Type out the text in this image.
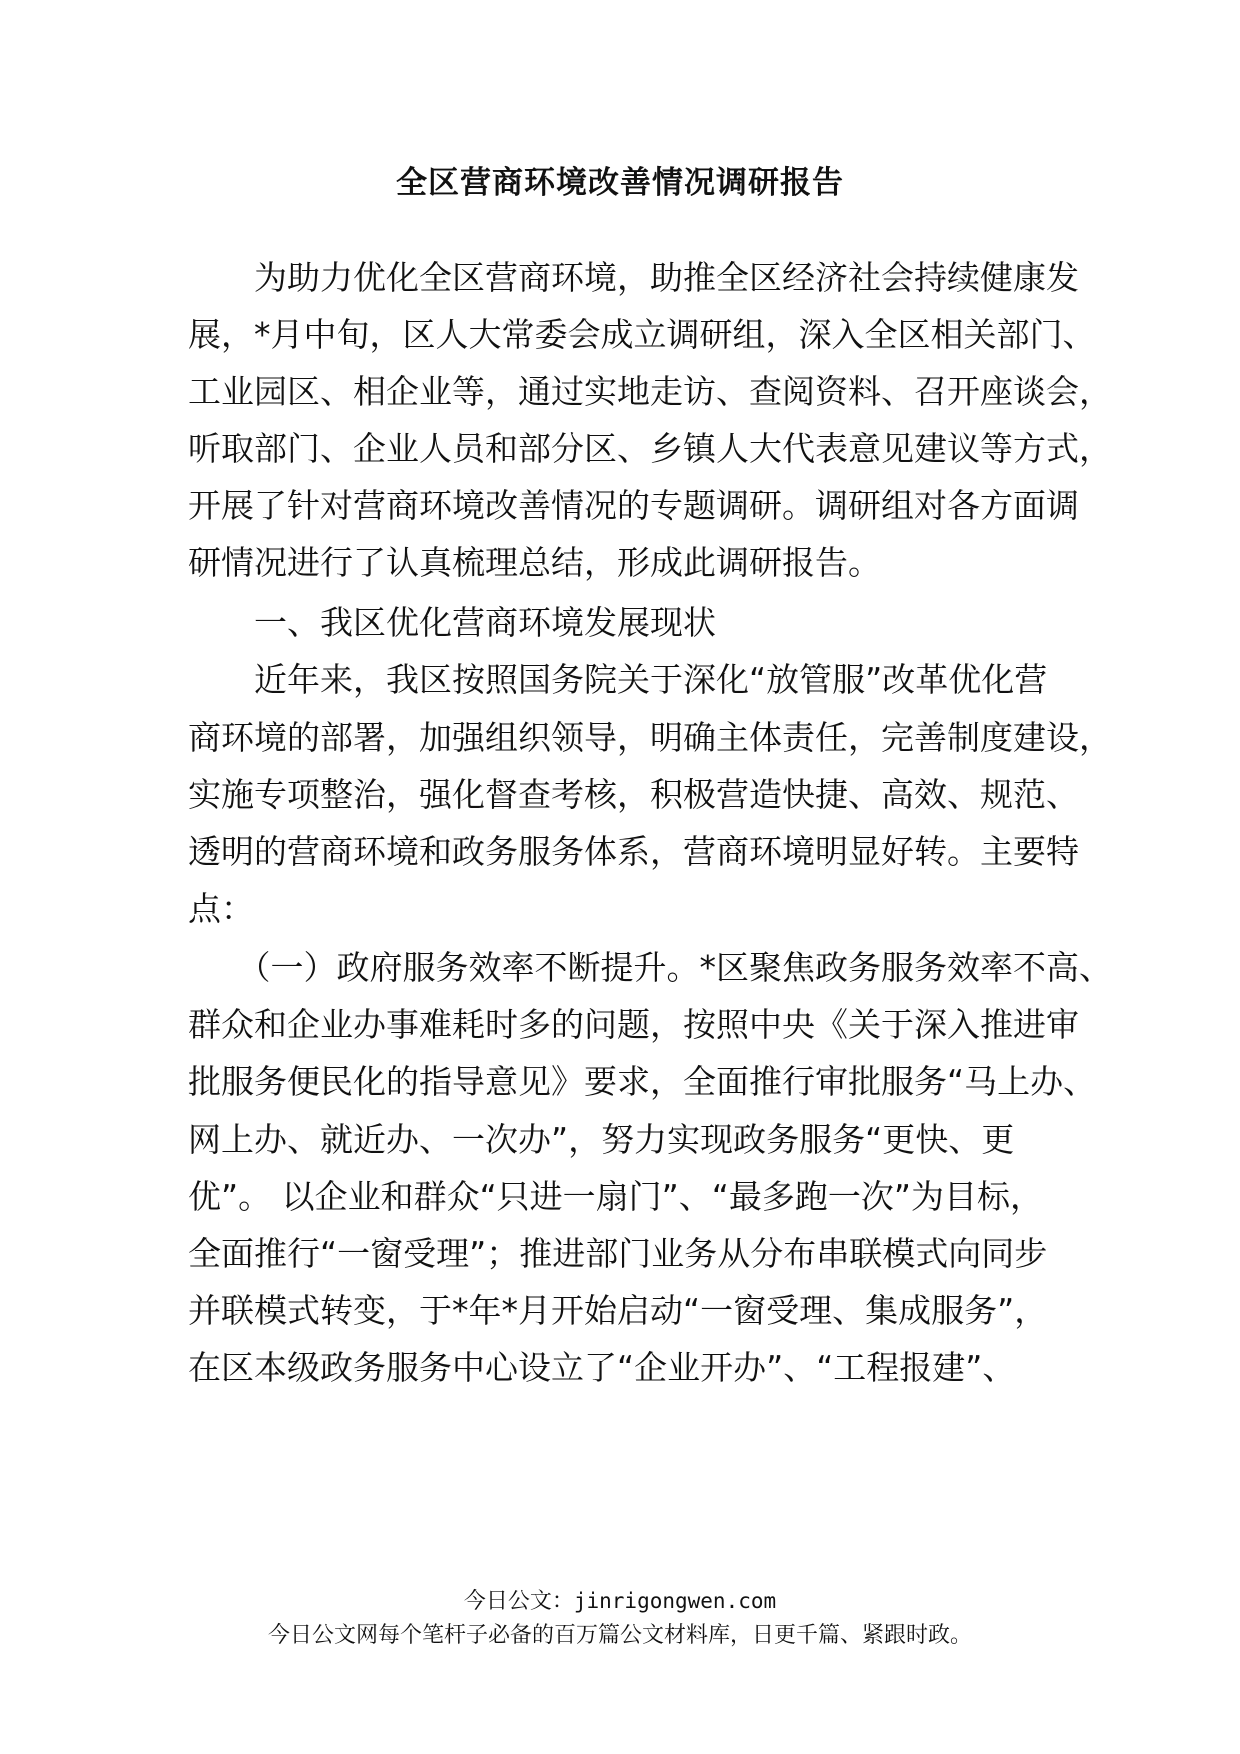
全区营商环境改善情况调研报告
　　为助力优化全区营商环境，助推全区经济社会持续健康发
展，*月中旬，区人大常委会成立调研组，深入全区相关部门、
工业园区、相企业等，通过实地走访、查阅资料、召开座谈会，
听取部门、企业人员和部分区、乡镇人大代表意见建议等方式，
开展了针对营商环境改善情况的专题调研。调研组对各方面调
研情况进行了认真梳理总结，形成此调研报告。
　　一、我区优化营商环境发展现状
　　近年来，我区按照国务院关于深化“放管服”改革优化营
商环境的部署，加强组织领导，明确主体责任，完善制度建设，
实施专项整治，强化督查考核，积极营造快捷、高效、规范、
透明的营商环境和政务服务体系，营商环境明显好转。主要特
点：
　　（一）政府服务效率不断提升。*区聚焦政务服务效率不高、
群众和企业办事难耗时多的问题，按照中央《关于深入推进审
批服务便民化的指导意见》要求，全面推行审批服务“马上办、
网上办、就近办、一次办”，努力实现政务服务“更快、更
优”。 以企业和群众“只进一扇门”、“最多跑一次”为目标，
全面推行“一窗受理”；推进部门业务从分布串联模式向同步
并联模式转变，于*年*月开始启动“一窗受理、集成服务”，
在区本级政务服务中心设立了“企业开办”、“工程报建”、
今日公文：jinrigongwen.com
今日公文网每个笔杆子必备的百万篇公文材料库，日更千篇、紧跟时政。
